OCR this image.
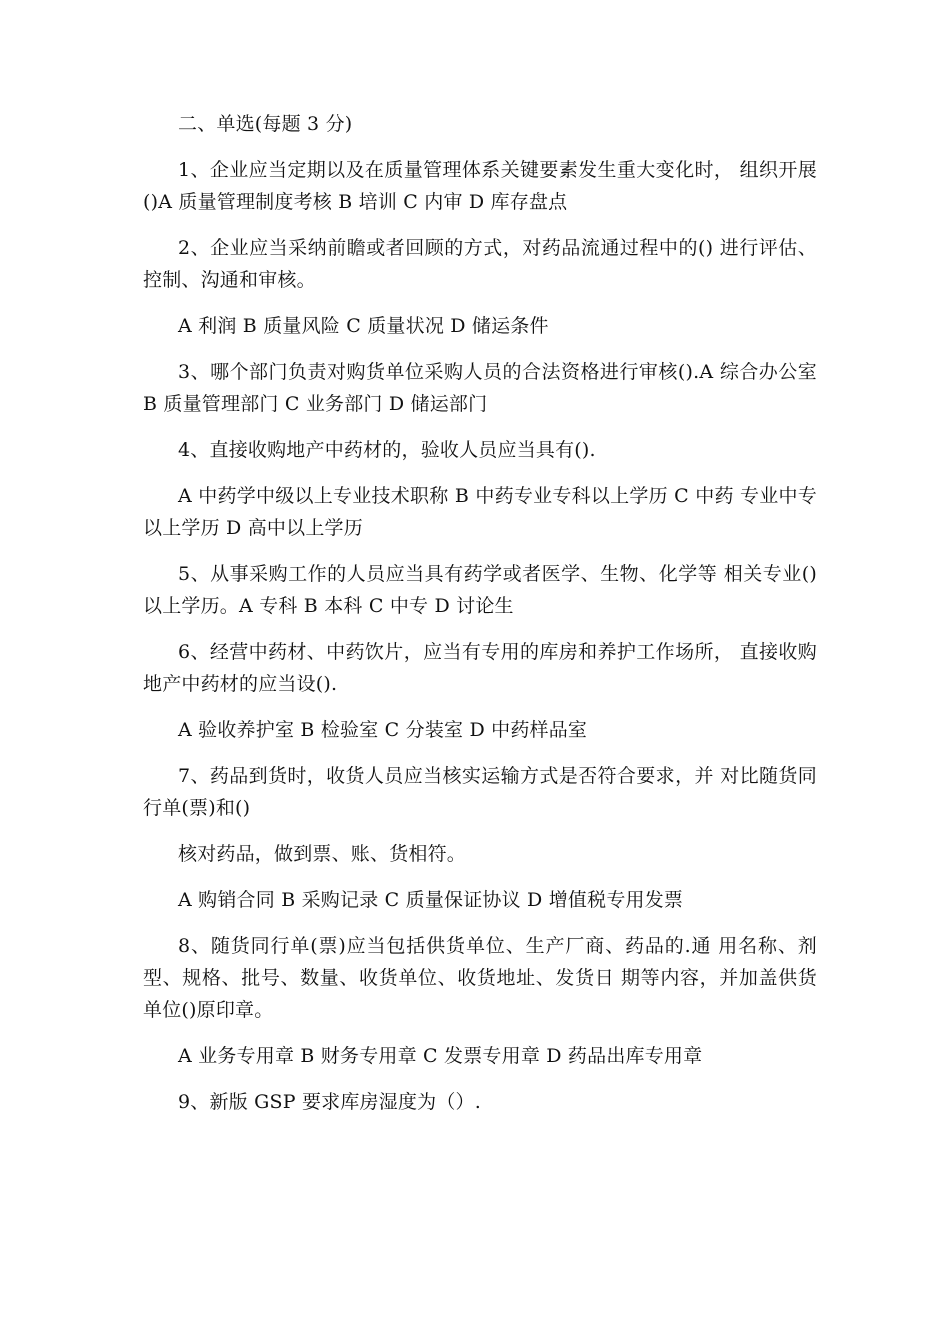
二、单选(每题 3 分)

1、企业应当定期以及在质量管理体系关键要素发生重大变化时， 组织开展()A 质量管理制度考核 B 培训 C 内审 D 库存盘点

2、企业应当采纳前瞻或者回顾的方式，对药品流通过程中的() 进行评估、控制、沟通和审核。

A 利润 B 质量风险 C 质量状况 D 储运条件

3、哪个部门负责对购货单位采购人员的合法资格进行审核().A 综合办公室 B 质量管理部门 C 业务部门 D 储运部门

4、直接收购地产中药材的，验收人员应当具有().

A 中药学中级以上专业技术职称 B 中药专业专科以上学历 C 中药 专业中专以上学历 D 高中以上学历

5、从事采购工作的人员应当具有药学或者医学、生物、化学等 相关专业()以上学历。A 专科 B 本科 C 中专 D 讨论生

6、经营中药材、中药饮片，应当有专用的库房和养护工作场所， 直接收购地产中药材的应当设().

A 验收养护室 B 检验室 C 分装室 D 中药样品室

7、药品到货时，收货人员应当核实运输方式是否符合要求，并 对比随货同行单(票)和()

核对药品，做到票、账、货相符。

A 购销合同 B 采购记录 C 质量保证协议 D 增值税专用发票

8、随货同行单(票)应当包括供货单位、生产厂商、药品的.通 用名称、剂型、规格、批号、数量、收货单位、收货地址、发货日 期等内容，并加盖供货单位()原印章。

A 业务专用章 B 财务专用章 C 发票专用章 D 药品出库专用章

9、新版 GSP 要求库房湿度为（）.
